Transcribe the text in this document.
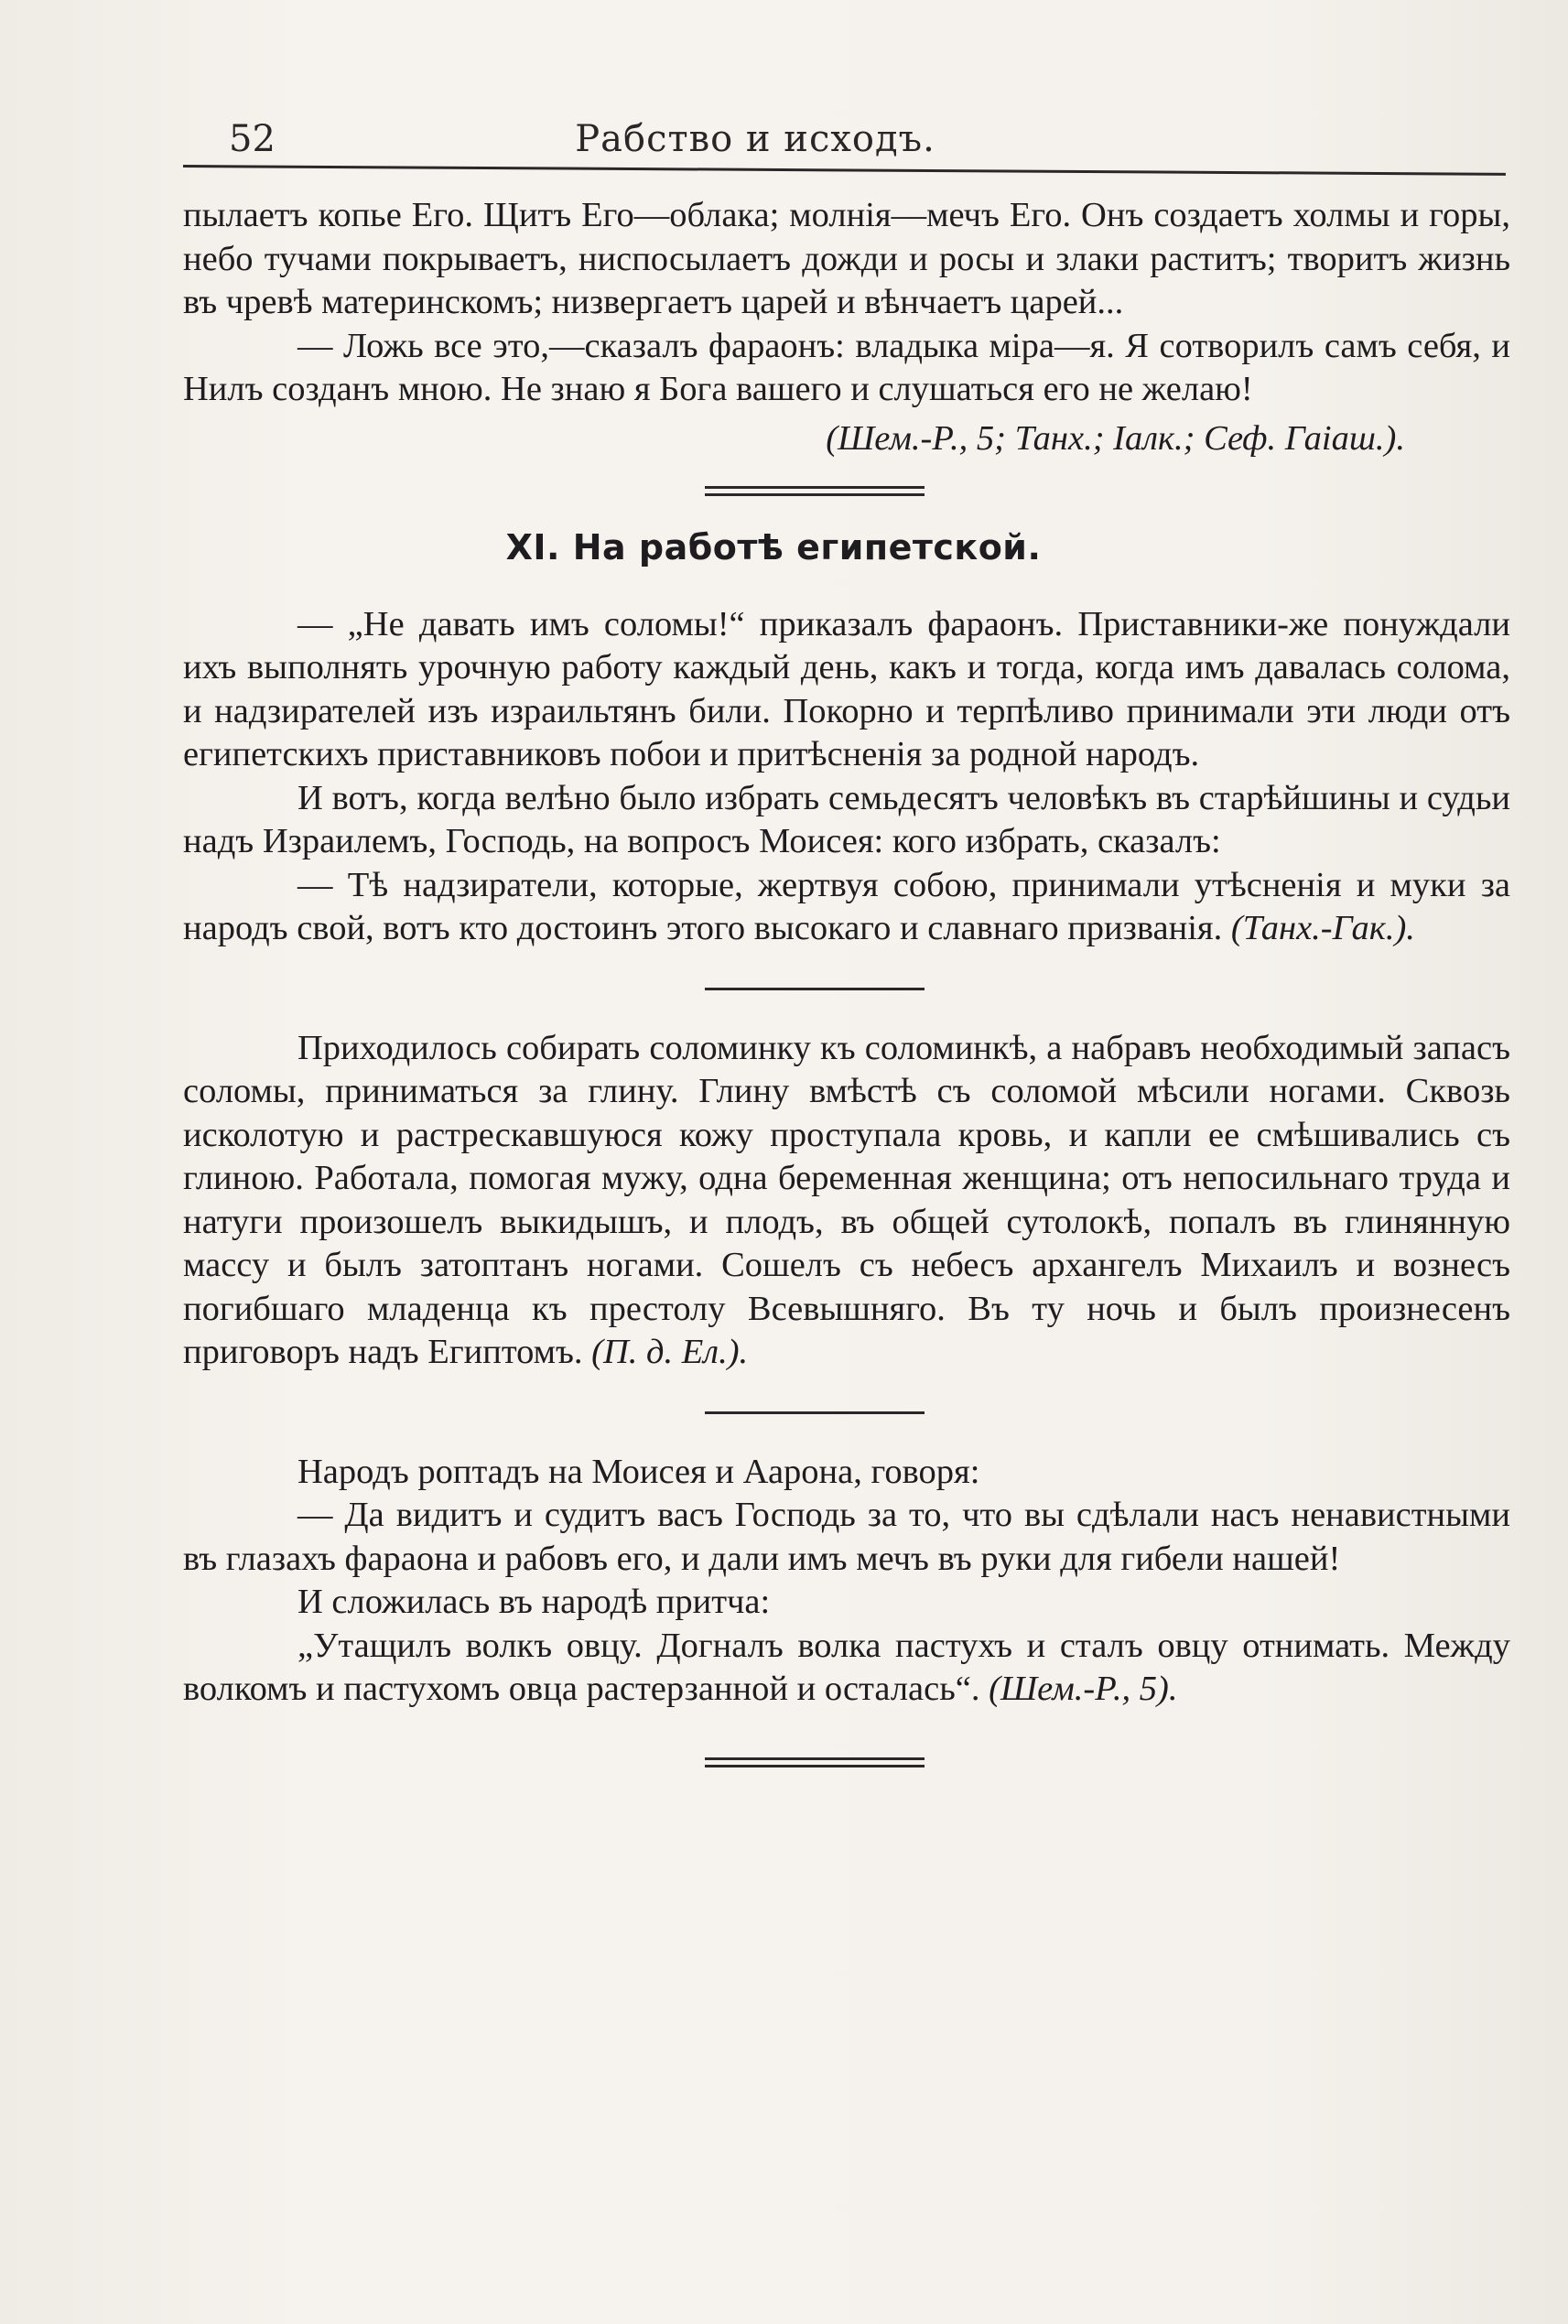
52	Рабство и исходъ.

пылаетъ копье Его. Щитъ Его—облака; молнія—мечъ Его. Онъ создаетъ холмы и горы, небо тучами покрываетъ, ниспосылаетъ дожди и росы и злаки раститъ; творитъ жизнь въ чревѣ материнскомъ; низвергаетъ царей и вѣнчаетъ царей...

— Ложь все это,—сказалъ фараонъ: владыка міра—я. Я сотворилъ самъ себя, и Нилъ созданъ мною. Не знаю я Бога вашего и слушаться его не желаю!

(Шем.-Р., 5; Танх.; Іалк.; Сеф. Гаіаш.).

XI. На работѣ египетской.

— „Не давать имъ соломы!“ приказалъ фараонъ. Приставники-же понуждали ихъ выполнять урочную работу каждый день, какъ и тогда, когда имъ давалась солома, и надзирателей изъ израильтянъ били. Покорно и терпѣливо принимали эти люди отъ египетскихъ приставниковъ побои и притѣсненія за родной народъ.

И вотъ, когда велѣно было избрать семьдесятъ человѣкъ въ старѣйшины и судьи надъ Израилемъ, Господь, на вопросъ Моисея: кого избрать, сказалъ:

— Тѣ надзиратели, которые, жертвуя собою, принимали утѣсненія и муки за народъ свой, вотъ кто достоинъ этого высокаго и славнаго призванія. (Танх.-Гак.).

Приходилось собирать соломинку къ соломинкѣ, а набравъ необходимый запасъ соломы, приниматься за глину. Глину вмѣстѣ съ соломой мѣсили ногами. Сквозь исколотую и растрескавшуюся кожу проступала кровь, и капли ее смѣшивались съ глиною. Работала, помогая мужу, одна беременная женщина; отъ непосильнаго труда и натуги произошелъ выкидышъ, и плодъ, въ общей сутолокѣ, попалъ въ глинянную массу и былъ затоптанъ ногами. Сошелъ съ небесъ архангелъ Михаилъ и вознесъ погибшаго младенца къ престолу Всевышняго. Въ ту ночь и былъ произнесенъ приговоръ надъ Египтомъ. (П. д. Ел.).

Народъ роптадъ на Моисея и Аарона, говоря:

— Да видитъ и судитъ васъ Господь за то, что вы сдѣлали насъ ненавистными въ глазахъ фараона и рабовъ его, и дали имъ мечъ въ руки для гибели нашей!

И сложилась въ народѣ притча:

„Утащилъ волкъ овцу. Догналъ волка пастухъ и сталъ овцу отнимать. Между волкомъ и пастухомъ овца растерзанной и осталась“. (Шем.-Р., 5).
